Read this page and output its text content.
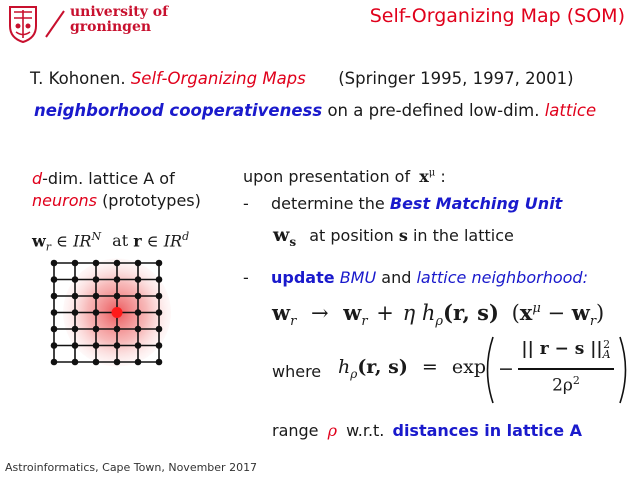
university of
groningen	Self-Organizing Map (SOM)
T. Kohonen. Self-Organizing Maps (Springer 1995, 1997, 2001)
neighborhood cooperativeness on a pre-defined low-dim. lattice
d-dim. lattice A of
neurons (prototypes)
$w_r$ ∈ $IR^N$ at r ∈ $IR^d$
upon presentation of $x^\mu$ :
- determine the Best Matching Unit
$w_s$ at position s in the lattice
- update BMU and lattice neighborhood:
$w_r \to w_r + \eta$ $h_\rho(r$, s) $(x^\mu - w_r)$
where $h_\rho(r$, s) = exp −
|| r − s || 2
A
$2\rho^2$
range ρ w.r.t. distances in lattice A
Astroinformatics, Cape Town, November 2017
